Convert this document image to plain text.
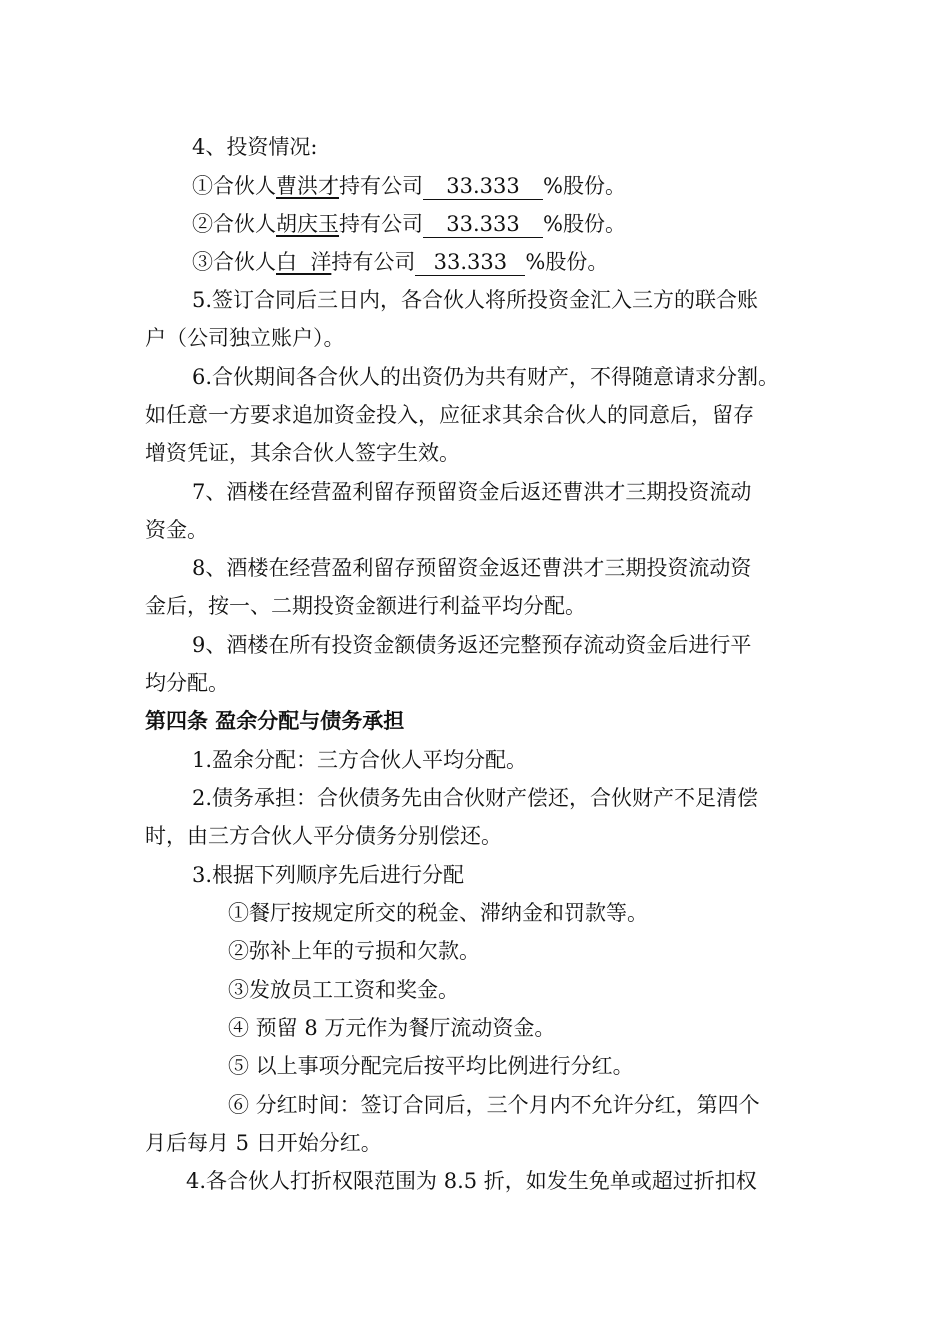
4、投资情况:
①合伙人曹洪才持有公司 33.333 %股份。
②合伙人胡庆玉持有公司 33.333 %股份。
③合伙人白  洋持有公司 33.333 %股份。
5.签订合同后三日内，各合伙人将所投资金汇入三方的联合账
户（公司独立账户）。
6.合伙期间各合伙人的出资仍为共有财产，不得随意请求分割。
如任意一方要求追加资金投入，应征求其余合伙人的同意后，留存
增资凭证，其余合伙人签字生效。
7、酒楼在经营盈利留存预留资金后返还曹洪才三期投资流动
资金。
8、酒楼在经营盈利留存预留资金返还曹洪才三期投资流动资
金后，按一、二期投资金额进行利益平均分配。
9、酒楼在所有投资金额债务返还完整预存流动资金后进行平
均分配。
第四条 盈余分配与债务承担
1.盈余分配：三方合伙人平均分配。
2.债务承担：合伙债务先由合伙财产偿还，合伙财产不足清偿
时，由三方合伙人平分债务分别偿还。
3.根据下列顺序先后进行分配
①餐厅按规定所交的税金、滞纳金和罚款等。
②弥补上年的亏损和欠款。
③发放员工工资和奖金。
④ 预留 8 万元作为餐厅流动资金。
⑤ 以上事项分配完后按平均比例进行分红。
⑥ 分红时间：签订合同后，三个月内不允许分红，第四个
月后每月 5 日开始分红。
4.各合伙人打折权限范围为 8.5 折，如发生免单或超过折扣权
